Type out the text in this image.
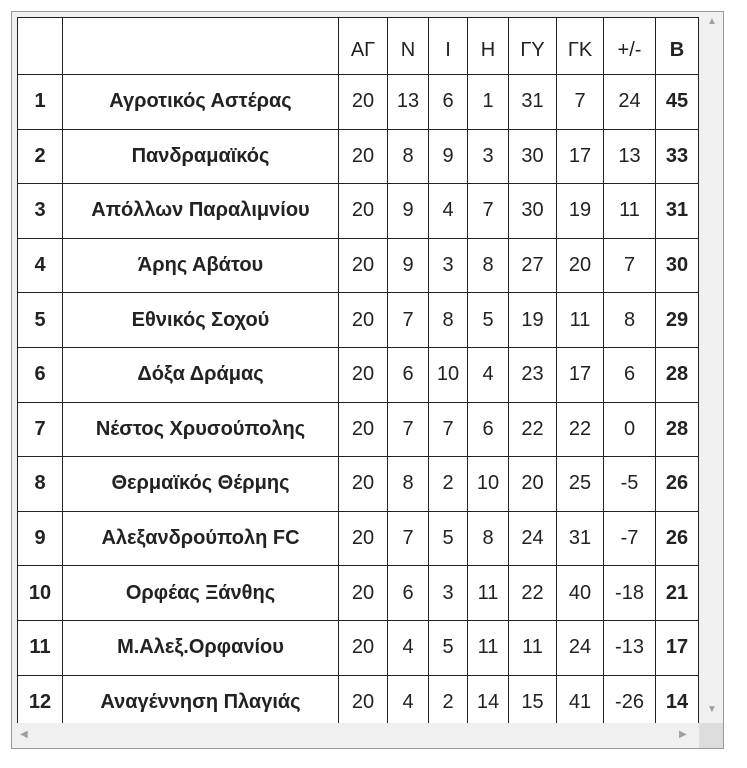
		ΑΓ	Ν	Ι	Η	ΓΥ	ΓΚ	+/-	Β
1	Αγροτικός Αστέρας	20	13	6	1	31	7	24	45
2	Πανδραμαϊκός	20	8	9	3	30	17	13	33
3	Απόλλων Παραλιμνίου	20	9	4	7	30	19	11	31
4	Άρης Αβάτου	20	9	3	8	27	20	7	30
5	Εθνικός Σοχού	20	7	8	5	19	11	8	29
6	Δόξα Δράμας	20	6	10	4	23	17	6	28
7	Νέστος Χρυσούπολης	20	7	7	6	22	22	0	28
8	Θερμαϊκός Θέρμης	20	8	2	10	20	25	-5	26
9	Αλεξανδρούπολη FC	20	7	5	8	24	31	-7	26
10	Ορφέας Ξάνθης	20	6	3	11	22	40	-18	21
11	Μ.Αλεξ.Ορφανίου	20	4	5	11	11	24	-13	17
12	Αναγέννηση Πλαγιάς	20	4	2	14	15	41	-26	14
▲
▼
◀	▶
